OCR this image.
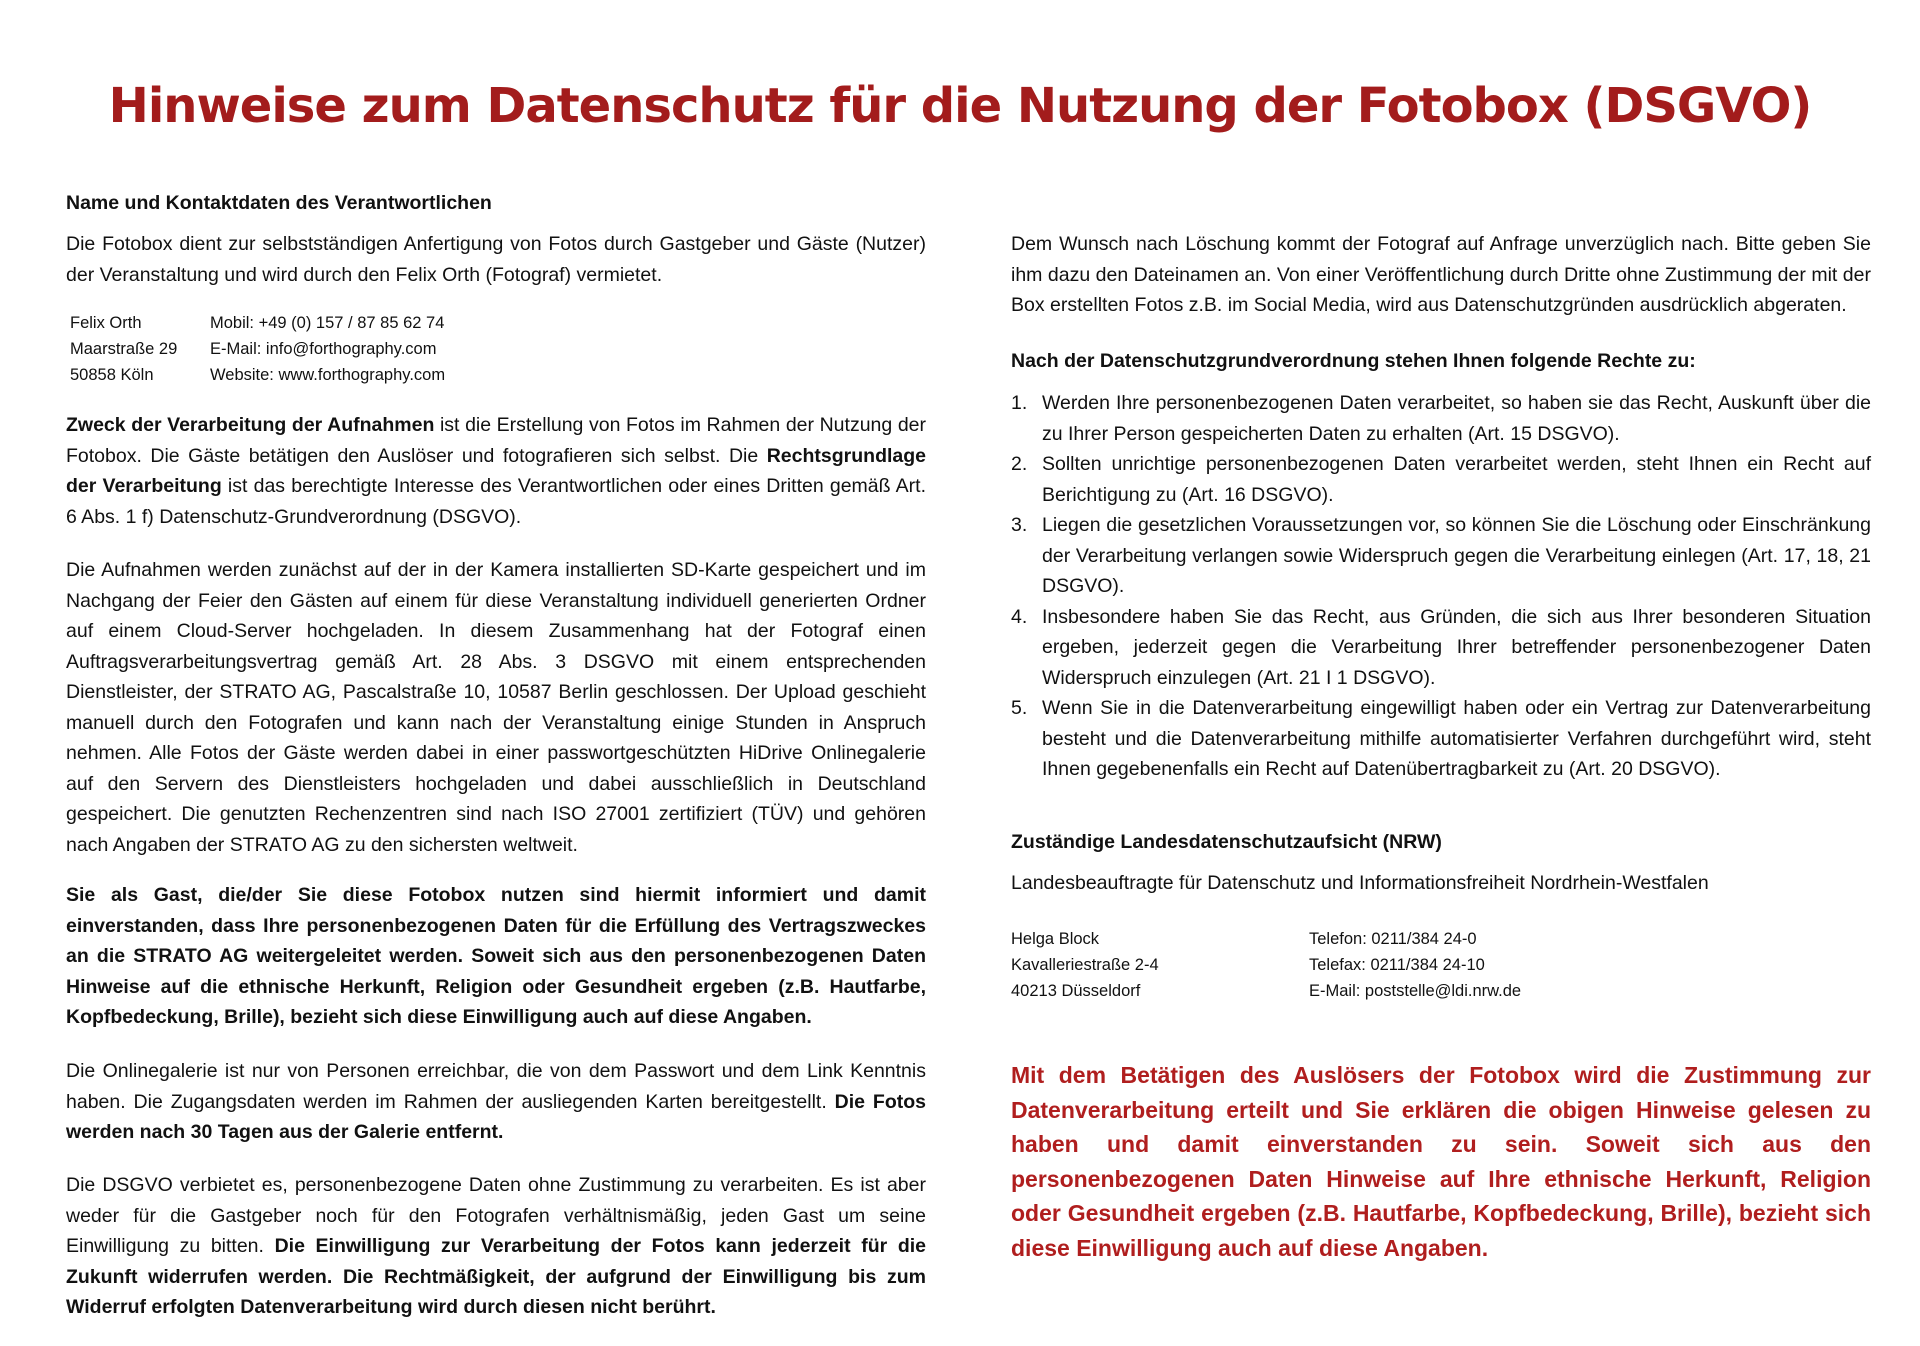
Hinweise zum Datenschutz für die Nutzung der Fotobox (DSGVO)

Name und Kontaktdaten des Verantwortlichen

Die Fotobox dient zur selbstständigen Anfertigung von Fotos durch Gastgeber und Gäste (Nutzer) der Veranstaltung und wird durch den Felix Orth (Fotograf) vermietet.

Felix Orth	Mobil: +49 (0) 157 / 87 85 62 74
Maarstraße 29	E-Mail: info@forthography.com
50858 Köln	Website: www.forthography.com

Zweck der Verarbeitung der Aufnahmen ist die Erstellung von Fotos im Rahmen der Nutzung der Fotobox. Die Gäste betätigen den Auslöser und fotografieren sich selbst. Die Rechtsgrundlage der Verarbeitung ist das berechtigte Interesse des Verantwortlichen oder eines Dritten gemäß Art. 6 Abs. 1 f) Datenschutz-Grundverordnung (DSGVO).

Die Aufnahmen werden zunächst auf der in der Kamera installierten SD-Karte gespeichert und im Nachgang der Feier den Gästen auf einem für diese Veranstaltung individuell generierten Ordner auf einem Cloud-Server hochgeladen. In diesem Zusammenhang hat der Fotograf einen Auftragsverarbeitungsvertrag gemäß Art. 28 Abs. 3 DSGVO mit einem entsprechenden Dienstleister, der STRATO AG, Pascalstraße 10, 10587 Berlin geschlossen. Der Upload geschieht manuell durch den Fotografen und kann nach der Veranstaltung einige Stunden in Anspruch nehmen. Alle Fotos der Gäste werden dabei in einer passwortgeschützten HiDrive Onlinegalerie auf den Servern des Dienstleisters hochgeladen und dabei ausschließlich in Deutschland gespeichert. Die genutzten Rechenzentren sind nach ISO 27001 zertifiziert (TÜV) und gehören nach Angaben der STRATO AG zu den sichersten weltweit.

Sie als Gast, die/der Sie diese Fotobox nutzen sind hiermit informiert und damit einverstanden, dass Ihre personenbezogenen Daten für die Erfüllung des Vertragszweckes an die STRATO AG weitergeleitet werden. Soweit sich aus den personenbezogenen Daten Hinweise auf die ethnische Herkunft, Religion oder Gesundheit ergeben (z.B. Hautfarbe, Kopfbedeckung, Brille), bezieht sich diese Einwilligung auch auf diese Angaben.

Die Onlinegalerie ist nur von Personen erreichbar, die von dem Passwort und dem Link Kenntnis haben. Die Zugangsdaten werden im Rahmen der ausliegenden Karten bereitgestellt. Die Fotos werden nach 30 Tagen aus der Galerie entfernt.

Die DSGVO verbietet es, personenbezogene Daten ohne Zustimmung zu verarbeiten. Es ist aber weder für die Gastgeber noch für den Fotografen verhältnismäßig, jeden Gast um seine Einwilligung zu bitten. Die Einwilligung zur Verarbeitung der Fotos kann jederzeit für die Zukunft widerrufen werden. Die Rechtmäßigkeit, der aufgrund der Einwilligung bis zum Widerruf erfolgten Datenverarbeitung wird durch diesen nicht berührt.

Dem Wunsch nach Löschung kommt der Fotograf auf Anfrage unverzüglich nach. Bitte geben Sie ihm dazu den Dateinamen an. Von einer Veröffentlichung durch Dritte ohne Zustimmung der mit der Box erstellten Fotos z.B. im Social Media, wird aus Datenschutzgründen ausdrücklich abgeraten.

Nach der Datenschutzgrundverordnung stehen Ihnen folgende Rechte zu:

1. Werden Ihre personenbezogenen Daten verarbeitet, so haben sie das Recht, Auskunft über die zu Ihrer Person gespeicherten Daten zu erhalten (Art. 15 DSGVO).
2. Sollten unrichtige personenbezogenen Daten verarbeitet werden, steht Ihnen ein Recht auf Berichtigung zu (Art. 16 DSGVO).
3. Liegen die gesetzlichen Voraussetzungen vor, so können Sie die Löschung oder Einschränkung der Verarbeitung verlangen sowie Widerspruch gegen die Verarbeitung einlegen (Art. 17, 18, 21 DSGVO).
4. Insbesondere haben Sie das Recht, aus Gründen, die sich aus Ihrer besonderen Situation ergeben, jederzeit gegen die Verarbeitung Ihrer betreffender personenbezogener Daten Widerspruch einzulegen (Art. 21 I 1 DSGVO).
5. Wenn Sie in die Datenverarbeitung eingewilligt haben oder ein Vertrag zur Datenverarbeitung besteht und die Datenverarbeitung mithilfe automatisierter Verfahren durchgeführt wird, steht Ihnen gegebenenfalls ein Recht auf Datenübertragbarkeit zu (Art. 20 DSGVO).

Zuständige Landesdatenschutzaufsicht (NRW)

Landesbeauftragte für Datenschutz und Informationsfreiheit Nordrhein-Westfalen

Helga Block	Telefon: 0211/384 24-0
Kavalleriestraße 2-4	Telefax: 0211/384 24-10
40213 Düsseldorf	E-Mail: poststelle@ldi.nrw.de

Mit dem Betätigen des Auslösers der Fotobox wird die Zustimmung zur Datenverarbeitung erteilt und Sie erklären die obigen Hinweise gelesen zu haben und damit einverstanden zu sein. Soweit sich aus den personenbezogenen Daten Hinweise auf Ihre ethnische Herkunft, Religion oder Gesundheit ergeben (z.B. Hautfarbe, Kopfbedeckung, Brille), bezieht sich diese Einwilligung auch auf diese Angaben.
